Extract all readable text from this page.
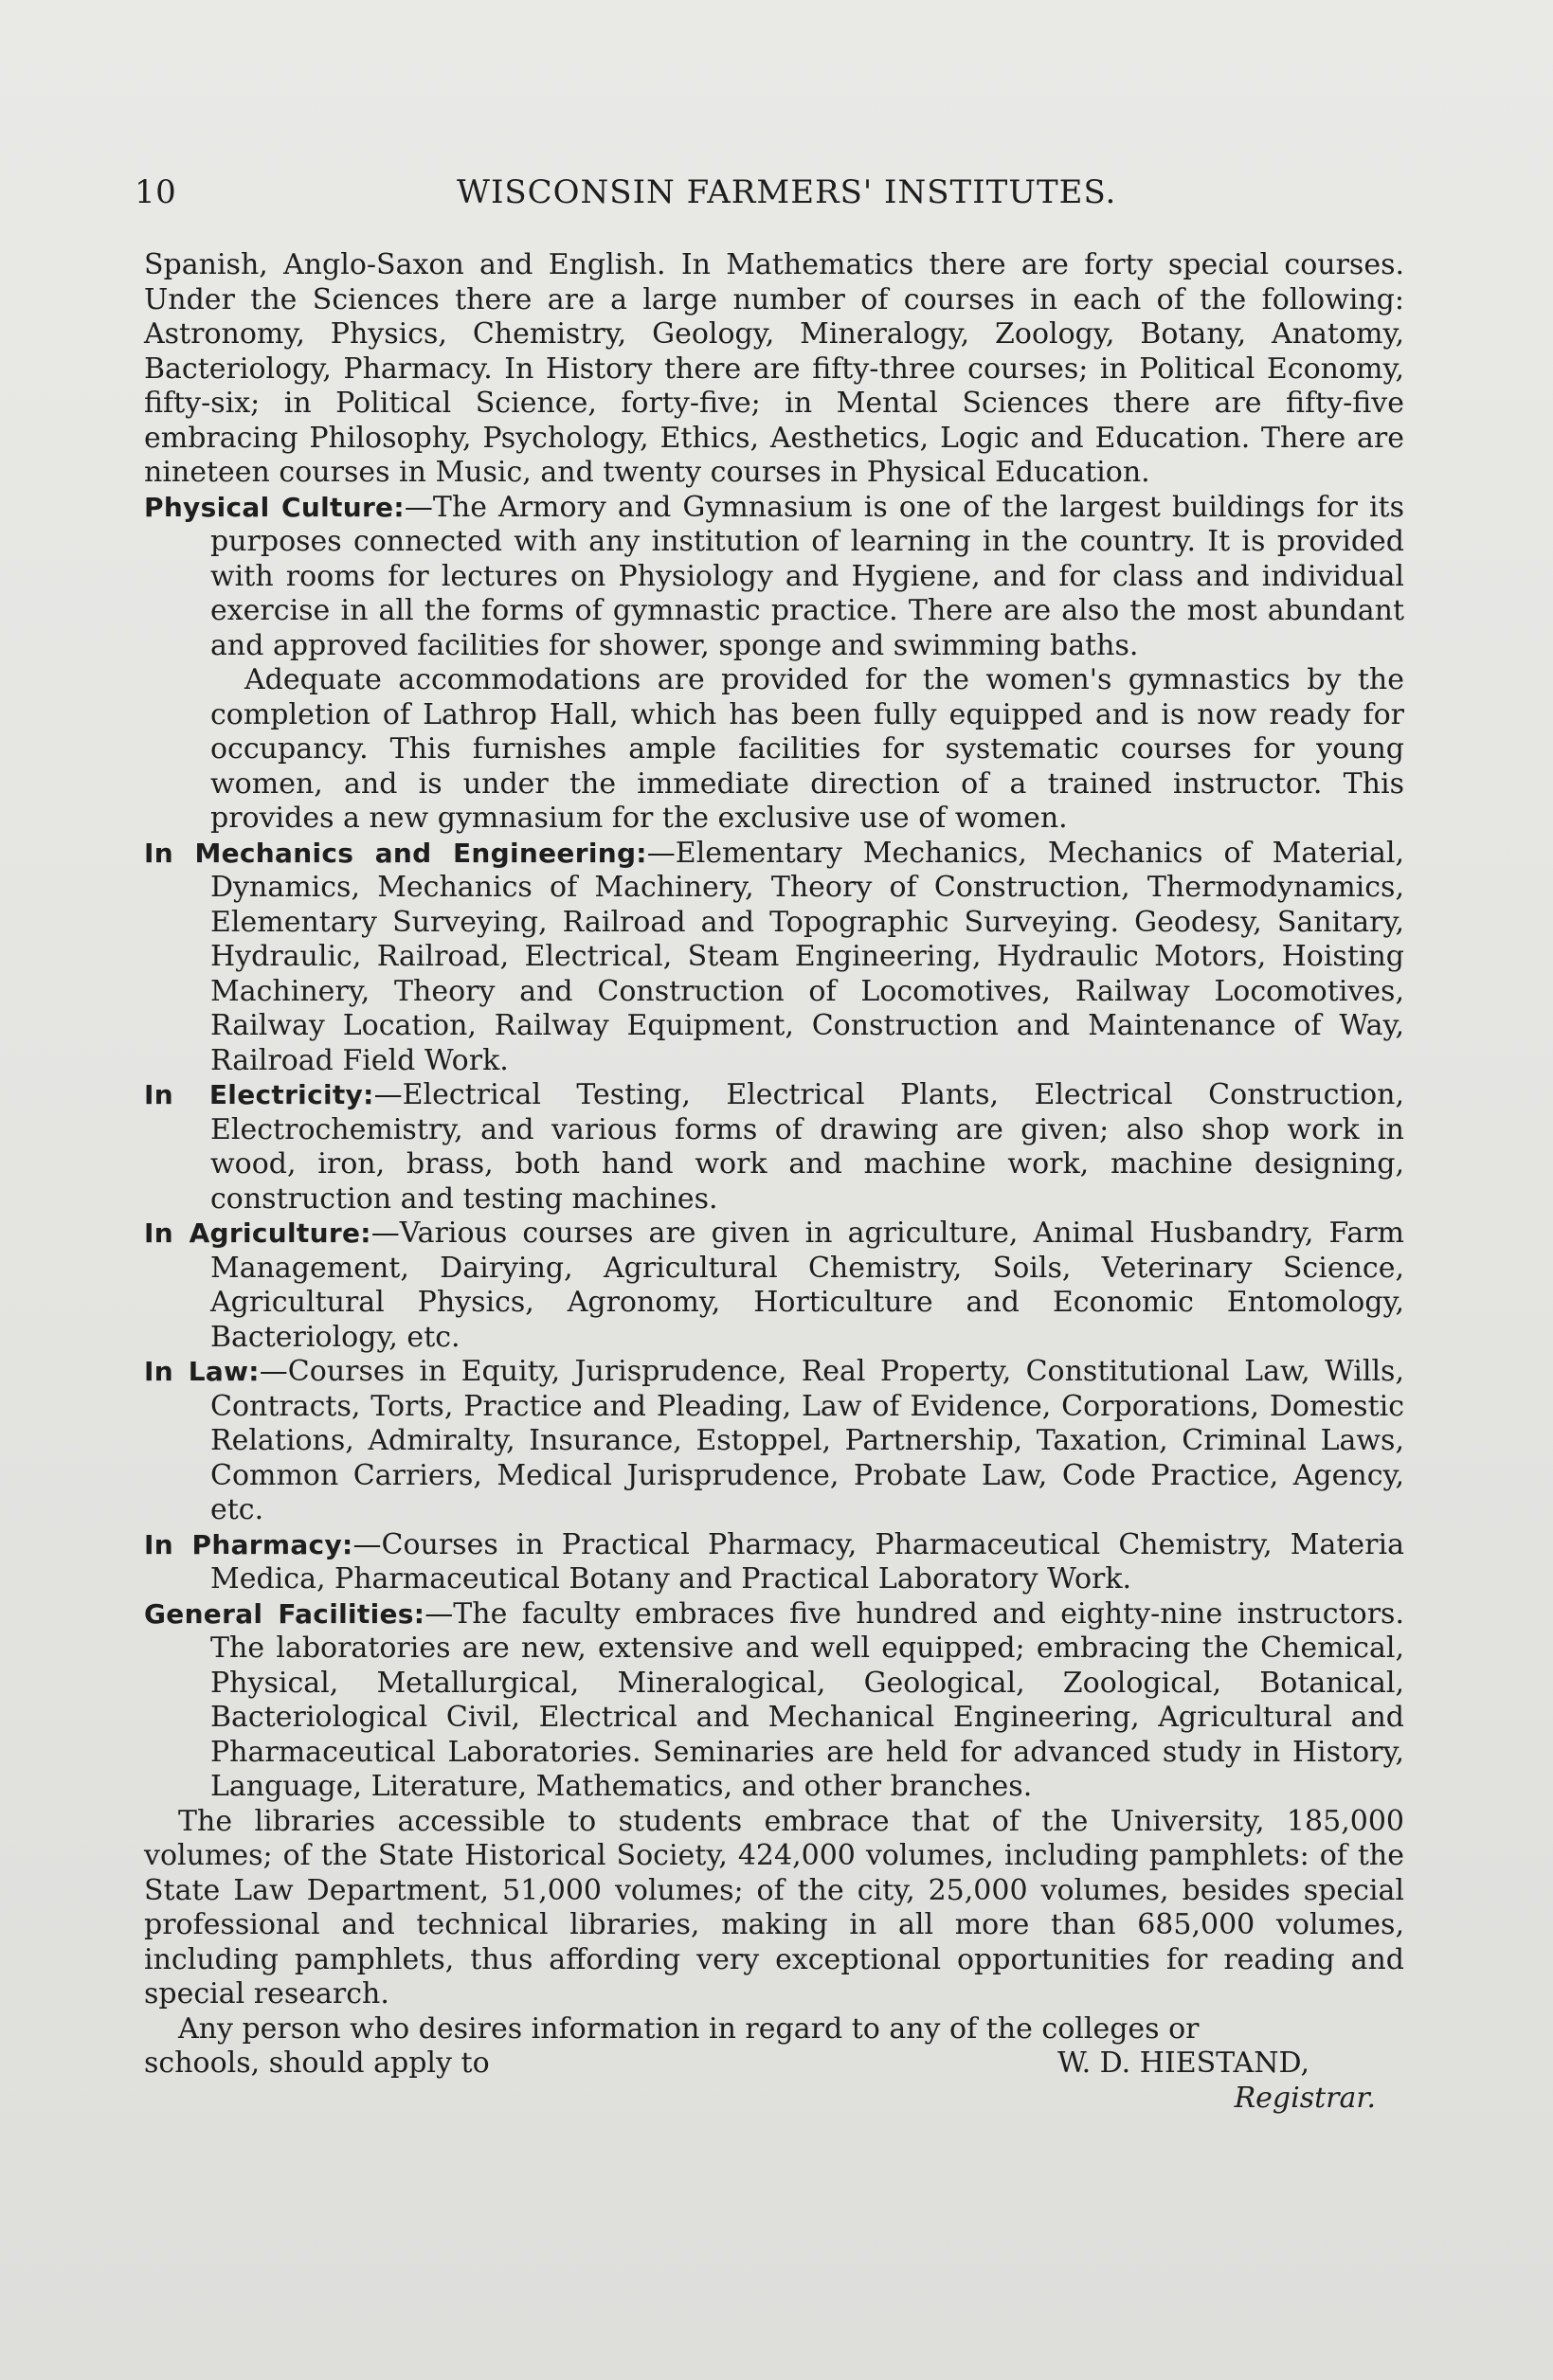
10	WISCONSIN FARMERS' INSTITUTES.

Spanish, Anglo-Saxon and English. In Mathematics there are forty special courses. Under the Sciences there are a large number of courses in each of the following: Astronomy, Physics, Chemistry, Geology, Mineralogy, Zoology, Botany, Anatomy, Bacteriology, Pharmacy. In History there are fifty-three courses; in Political Economy, fifty-six; in Political Science, forty-five; in Mental Sciences there are fifty-five embracing Philosophy, Psychology, Ethics, Aesthetics, Logic and Education. There are nineteen courses in Music, and twenty courses in Physical Education.

Physical Culture:—The Armory and Gymnasium is one of the largest buildings for its purposes connected with any institution of learning in the country. It is provided with rooms for lectures on Physiology and Hygiene, and for class and individual exercise in all the forms of gymnastic practice. There are also the most abundant and approved facilities for shower, sponge and swimming baths.

Adequate accommodations are provided for the women's gymnastics by the completion of Lathrop Hall, which has been fully equipped and is now ready for occupancy. This furnishes ample facilities for systematic courses for young women, and is under the immediate direction of a trained instructor. This provides a new gymnasium for the exclusive use of women.

In Mechanics and Engineering:—Elementary Mechanics, Mechanics of Material, Dynamics, Mechanics of Machinery, Theory of Construction, Thermodynamics, Elementary Surveying, Railroad and Topographic Surveying. Geodesy, Sanitary, Hydraulic, Railroad, Electrical, Steam Engineering, Hydraulic Motors, Hoisting Machinery, Theory and Construction of Locomotives, Railway Locomotives, Railway Location, Railway Equipment, Construction and Maintenance of Way, Railroad Field Work.

In Electricity:—Electrical Testing, Electrical Plants, Electrical Construction, Electrochemistry, and various forms of drawing are given; also shop work in wood, iron, brass, both hand work and machine work, machine designing, construction and testing machines.

In Agriculture:—Various courses are given in agriculture, Animal Husbandry, Farm Management, Dairying, Agricultural Chemistry, Soils, Veterinary Science, Agricultural Physics, Agronomy, Horticulture and Economic Entomology, Bacteriology, etc.

In Law:—Courses in Equity, Jurisprudence, Real Property, Constitutional Law, Wills, Contracts, Torts, Practice and Pleading, Law of Evidence, Corporations, Domestic Relations, Admiralty, Insurance, Estoppel, Partnership, Taxation, Criminal Laws, Common Carriers, Medical Jurisprudence, Probate Law, Code Practice, Agency, etc.

In Pharmacy:—Courses in Practical Pharmacy, Pharmaceutical Chemistry, Materia Medica, Pharmaceutical Botany and Practical Laboratory Work.

General Facilities:—The faculty embraces five hundred and eighty-nine instructors. The laboratories are new, extensive and well equipped; embracing the Chemical, Physical, Metallurgical, Mineralogical, Geological, Zoological, Botanical, Bacteriological Civil, Electrical and Mechanical Engineering, Agricultural and Pharmaceutical Laboratories. Seminaries are held for advanced study in History, Language, Literature, Mathematics, and other branches.

The libraries accessible to students embrace that of the University, 185,000 volumes; of the State Historical Society, 424,000 volumes, including pamphlets: of the State Law Department, 51,000 volumes; of the city, 25,000 volumes, besides special professional and technical libraries, making in all more than 685,000 volumes, including pamphlets, thus affording very exceptional opportunities for reading and special research.

Any person who desires information in regard to any of the colleges or

schools, should apply to	W. D. HIESTAND,
Registrar.
